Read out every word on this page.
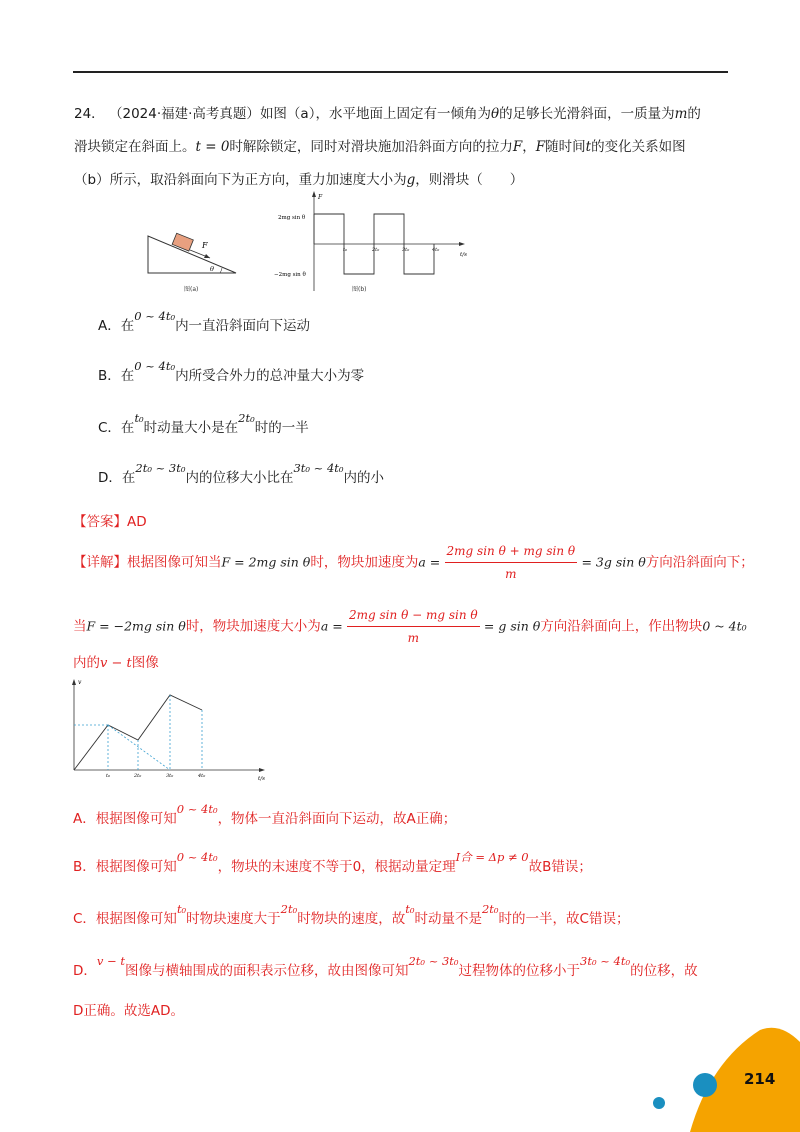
24． （2024·福建·高考真题）如图（a），水平地面上固定有一倾角为θ的足够长光滑斜面，一质量为m的
滑块锁定在斜面上。t = 0时解除锁定，同时对滑块施加沿斜面方向的拉力F，F随时间t的变化关系如图
（b）所示，取沿斜面向下为正方向，重力加速度大小为g，则滑块（　　）
F
θ
图(a)
F
t/s
2mg sin θ
−2mg sin θ
t₀	2t₀	3t₀	4t₀
图(b)
A．在0 ~ 4t₀内一直沿斜面向下运动
B．在0 ~ 4t₀内所受合外力的总冲量大小为零
C．在t₀时动量大小是在2t₀时的一半
D．在2t₀ ~ 3t₀内的位移大小比在3t₀ ~ 4t₀内的小
【答案】AD
【详解】根据图像可知当F = 2mg sin θ时，物块加速度为$a = \frac{\text{2mg sin θ + mg sin θ}}{m} = 3g$ sin θ方向沿斜面向下；
当F = −2mg sin θ时，物块加速度大小为$a = \frac{\text{2mg sin θ − mg sin θ}}{m} = g$ sin θ方向沿斜面向上，作出物块0 ~ 4t₀
内的v − t图像
v
t/s
t₀	2t₀	3t₀	4t₀
A．根据图像可知0 ~ 4t₀，物体一直沿斜面向下运动，故A正确；
B．根据图像可知0 ~ 4t₀，物块的末速度不等于0，根据动量定理I合 = Δp ≠ 0故B错误；
C．根据图像可知t₀时物块速度大于2t₀时物块的速度，故t₀时动量不是2t₀时的一半，故C错误；
D．v − t图像与横轴围成的面积表示位移，故由图像可知2t₀ ~ 3t₀过程物体的位移小于3t₀ ~ 4t₀的位移，故
D正确。故选AD。
214
